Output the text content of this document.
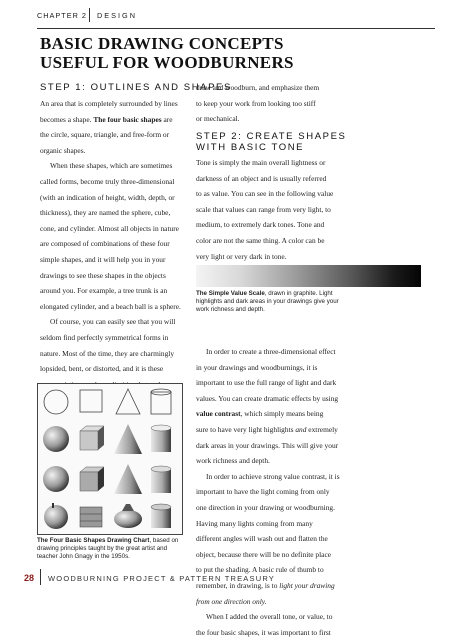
CHAPTER 2 DESIGN
BASIC DRAWING CONCEPTS
USEFUL FOR WOODBURNERS
STEP 1: OUTLINES AND SHAPES

An area that is completely surrounded by lines

becomes a shape. The four basic shapes are

the circle, square, triangle, and free-form or

organic shapes.

When these shapes, which are sometimes

called forms, become truly three-dimensional

(with an indication of height, width, depth, or

thickness), they are named the sphere, cube,

cone, and cylinder. Almost all objects in nature

are composed of combinations of these four

simple shapes, and it will help you in your

drawings to see these shapes in the objects

around you. For example, a tree trunk is an

elongated cylinder, and a beach ball is a sphere.

Of course, you can easily see that you will

seldom find perfectly symmetrical forms in

nature. Most of the time, they are charmingly

lopsided, bent, or distorted, and it is these

draw and woodburn, and emphasize them

to keep your work from looking too stiff

or mechanical.

STEP 2: CREATE SHAPES
WITH BASIC TONE

Tone is simply the main overall lightness or

darkness of an object and is usually referred

to as value. You can see in the following value

scale that values can range from very light, to

medium, to extremely dark tones. Tone and

color are not the same thing. A color can be

very light or very dark in tone.

The Simple Value Scale, drawn in graphite. Light
highlights and dark areas in your drawings give your
work richness and depth.

In order to create a three-dimensional effect

in your drawings and woodburnings, it is

important to use the full range of light and dark

values. You can create dramatic effects by using

value contrast, which simply means being

sure to have very light highlights and extremely

dark areas in your drawings. This will give your

work richness and depth.

In order to achieve strong value contrast, it is

important to have the light coming from only

one direction in your drawing or woodburning.

Having many lights coming from many

different angles will wash out and flatten the

object, because there will be no definite place

to put the shading. A basic rule of thumb to

remember, in drawing, is to light your drawing

from one direction only.

When I added the overall tone, or value, to

the four basic shapes, it was important to first

The Four Basic Shapes Drawing Chart, based on
drawing principles taught by the great artist and
teacher John Gnagy in the 1950s.
28 WOODBURNING PROJECT & PATTERN TREASURY
